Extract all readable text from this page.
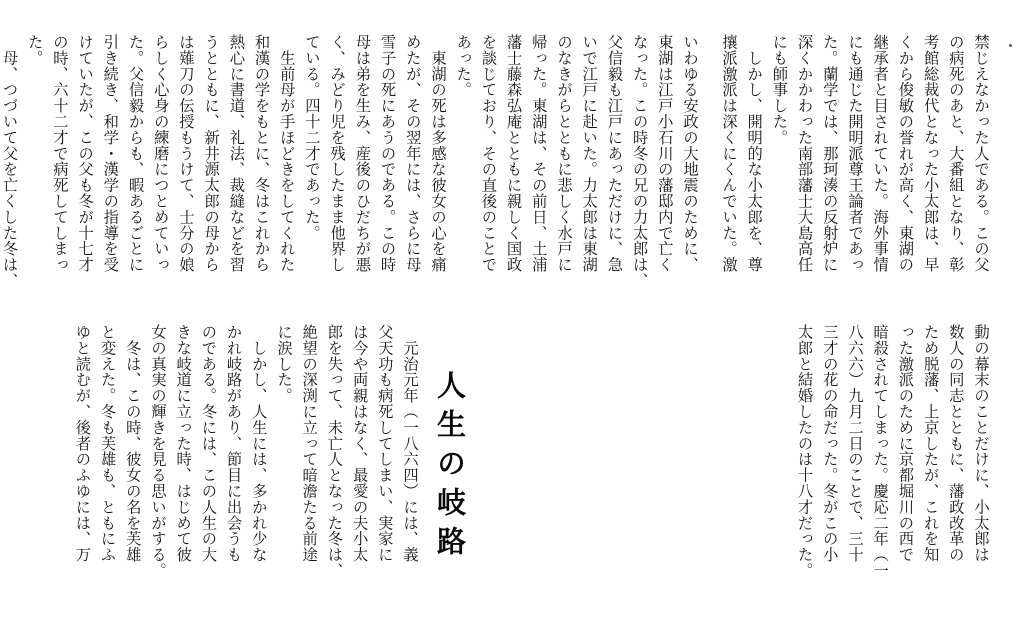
禁じえなかった人である。この父
の病死のあと、大番組となり、彰
考館総裁代となった小太郎は、早
くから俊敏の誉れが高く、東湖の
継承者と目されていた。海外事情
にも通じた開明派尊王論者であっ
た。蘭学では、那珂湊の反射炉に
深くかかわった南部藩士大島高任
にも師事した。
　しかし、開明的な小太郎を、尊
攘派激派は深くにくんでいた。激
いわゆる安政の大地震のために、
東湖は江戸小石川の藩邸内で亡く
なった。この時冬の兄の力太郎は、
父信毅も江戸にあっただけに、急
いで江戸に赴いた。力太郎は東湖
のなきがらとともに悲しく水戸に
帰った。東湖は、その前日、土浦
藩士藤森弘庵とともに親しく国政
を談じており、その直後のことで
あった。
　東湖の死は多感な彼女の心を痛
めたが、その翌年には、さらに母
雪子の死にあうのである。この時
母は弟を生み、産後のひだちが悪
く、みどり児を残したまま他界し
ている。四十二才であった。
　生前母が手ほどきをしてくれた
和漢の学をもとに、冬はこれから
熱心に書道、礼法、裁縫などを習
うとともに、新井源太郎の母から
は薙刀の伝授もうけて、士分の娘
らしく心身の練磨につとめていっ
た。父信毅からも、暇あるごとに
引き続き、和学・漢学の指導を受
けていたが、この父も冬が十七才
の時、六十二才で病死してしまっ
た。
　母、つづいて父を亡くした冬は、

人生の岐路	動の幕末のことだけに、小太郎は
数人の同志とともに、藩政改革の
ため脱藩、上京したが、これを知
った激派のために京都堀川の西で
暗殺されてしまった。慶応二年（一
八六六）九月二日のことで、三十
三才の花の命だった。冬がこの小
太郎と結婚したのは十八才だった。
　元治元年（一八六四）には、義
父天功も病死してしまい、実家に
は今や両親はなく、最愛の夫小太
郎を失って、未亡人となった冬は、
絶望の深渕に立って暗澹たる前途
に涙した。
　しかし、人生には、多かれ少な
かれ岐路があり、節目に出会うも
のである。冬には、この人生の大
きな岐道に立った時、はじめて彼
女の真実の輝きを見る思いがする。
　冬は、この時、彼女の名を芙雄
と変えた。冬も芙雄も、ともにふ
ゆと読むが、後者のふゆには、万
